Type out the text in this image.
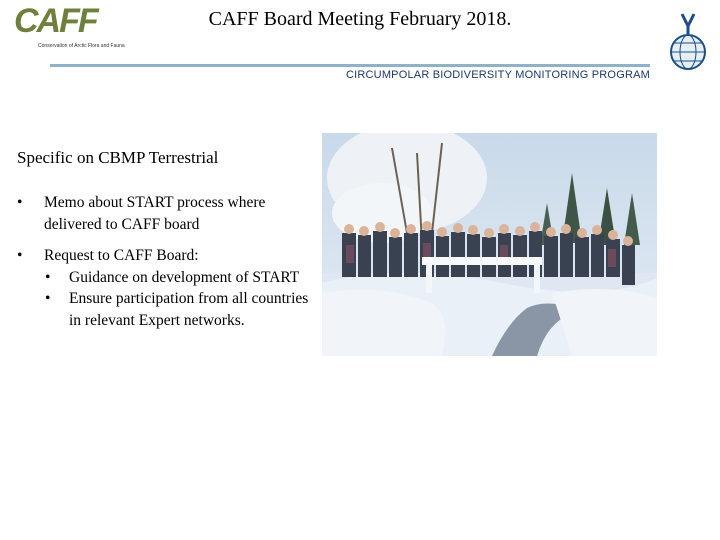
CAFF
Conservation of Arctic Flora and Fauna
CAFF Board Meeting February 2018.
CIRCUMPOLAR BIODIVERSITY MONITORING PROGRAM
Specific on CBMP Terrestrial
• Memo about START process where delivered to CAFF board
• Request to CAFF Board:
• Guidance on development of START
• Ensure participation from all countries in relevant Expert networks.
